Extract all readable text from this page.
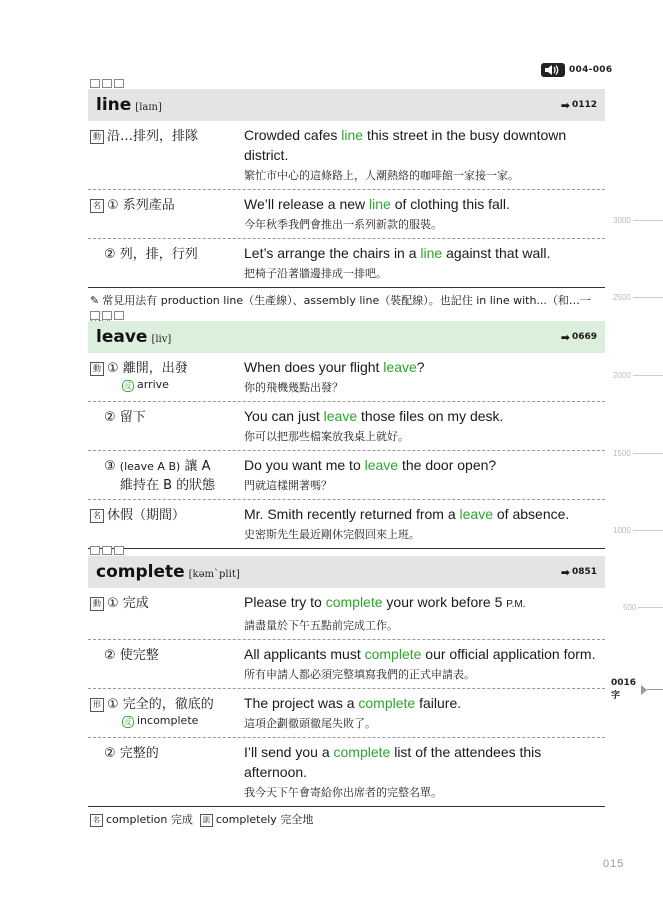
004-006
line [laɪn]	➡ 0112
動 沿…排列，排隊	Crowded cafes line this street in the busy downtown district.
繁忙市中心的這條路上，人潮熱絡的咖啡館一家接一家。
名 ① 系列產品	We’ll release a new line of clothing this fall.
今年秋季我們會推出一系列新款的服裝。
② 列，排，行列	Let’s arrange the chairs in a line against that wall.
把椅子沿著牆邊排成一排吧。
✎ 常見用法有 production line（生產線）、assembly line（裝配線）。也記住 in line with...（和…一
leave [liv]	➡ 0669
動 ① 離開，出發
反 arrive
When does your flight leave?
你的飛機幾點出發？
② 留下	You can just leave those files on my desk.
你可以把那些檔案放我桌上就好。
③ (leave A B) 讓 A
維持在 B 的狀態
Do you want me to leave the door open?
門就這樣開著嗎？
名 休假（期間）	Mr. Smith recently returned from a leave of absence.
史密斯先生最近剛休完假回來上班。
complete [kəm`plit]	➡ 0851
動 ① 完成	Please try to complete your work before 5 P.M.
請盡量於下午五點前完成工作。
② 使完整	All applicants must complete our official application form.
所有申請人都必須完整填寫我們的正式申請表。
形 ① 完全的，徹底的
反 incomplete
The project was a complete failure.
這項企劃徹頭徹尾失敗了。
② 完整的	I’ll send you a complete list of the attendees this afternoon.
我今天下午會寄給你出席者的完整名單。
名 completion 完成 副 completely 完全地
3000
2500
2000
1500
1000
500
0016字
015
